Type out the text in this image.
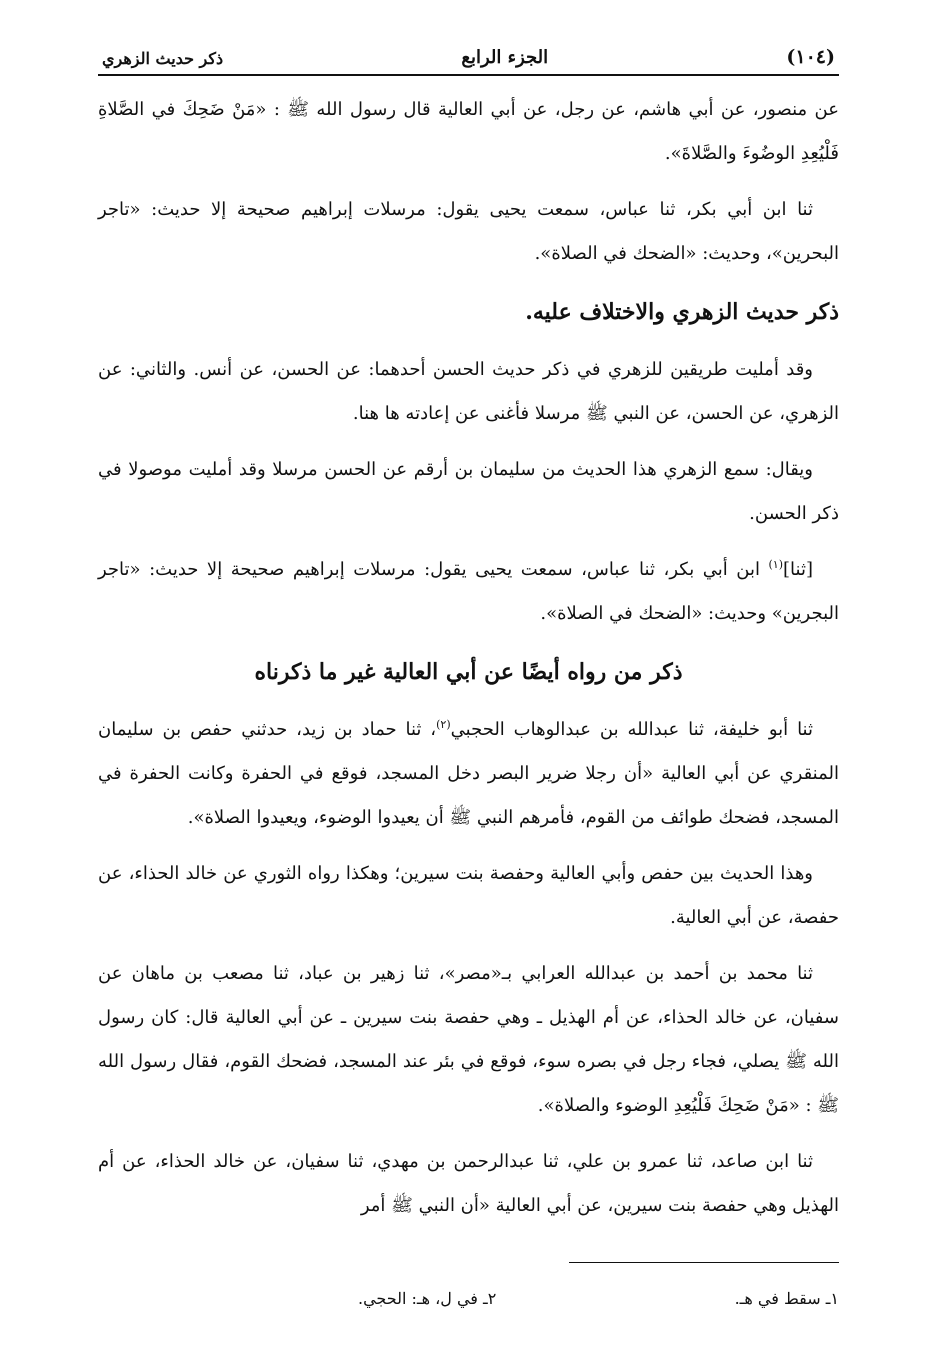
(١٠٤)
الجزء الرابع
ذكر حديث الزهري

عن منصور، عن أبي هاشم، عن رجل، عن أبي العالية قال رسول الله ﷺ : «مَنْ ضَحِكَ في الصَّلاةِ فَلْيُعِدِ الوضُوءَ والصَّلاةَ».

ثنا ابن أبي بكر، ثنا عباس، سمعت يحيى يقول: مرسلات إبراهيم صحيحة إلا حديث: «تاجر البحرين»، وحديث: «الضحك في الصلاة».

ذكر حديث الزهري والاختلاف عليه.

وقد أمليت طريقين للزهري في ذكر حديث الحسن أحدهما: عن الحسن، عن أنس. والثاني: عن الزهري، عن الحسن، عن النبي ﷺ مرسلا فأغنى عن إعادته ها هنا.

ويقال: سمع الزهري هذا الحديث من سليمان بن أرقم عن الحسن مرسلا وقد أمليت موصولا في ذكر الحسن.

[ثنا]$^{(١)}$ ابن أبي بكر، ثنا عباس، سمعت يحيى يقول: مرسلات إبراهيم صحيحة إلا حديث: «تاجر البجرين» وحديث: «الضحك في الصلاة».

ذكر من رواه أيضًا عن أبي العالية غير ما ذكرناه

ثنا أبو خليفة، ثنا عبدالله بن عبدالوهاب الحجبي$^{(٢)}$، ثنا حماد بن زيد، حدثني حفص بن سليمان المنقري عن أبي العالية «أن رجلا ضرير البصر دخل المسجد، فوقع في الحفرة وكانت الحفرة في المسجد، فضحك طوائف من القوم، فأمرهم النبي ﷺ أن يعيدوا الوضوء، ويعيدوا الصلاة».

وهذا الحديث بين حفص وأبي العالية وحفصة بنت سيرين؛ وهكذا رواه الثوري عن خالد الحذاء، عن حفصة، عن أبي العالية.

ثنا محمد بن أحمد بن عبدالله العرابي بـ«مصر»، ثنا زهير بن عباد، ثنا مصعب بن ماهان عن سفيان، عن خالد الحذاء، عن أم الهذيل ـ وهي حفصة بنت سيرين ـ عن أبي العالية قال: كان رسول الله ﷺ يصلي، فجاء رجل في بصره سوء، فوقع في بئر عند المسجد، فضحك القوم، فقال رسول الله ﷺ : «مَنْ ضَحِكَ فَلْيُعِدِ الوضوء والصلاة».

ثنا ابن صاعد، ثنا عمرو بن علي، ثنا عبدالرحمن بن مهدي، ثنا سفيان، عن خالد الحذاء، عن أم الهذيل وهي حفصة بنت سيرين، عن أبي العالية «أن النبي ﷺ أمر

١ـ سقط في هـ.
٢ـ في ل، هـ: الحجي.
